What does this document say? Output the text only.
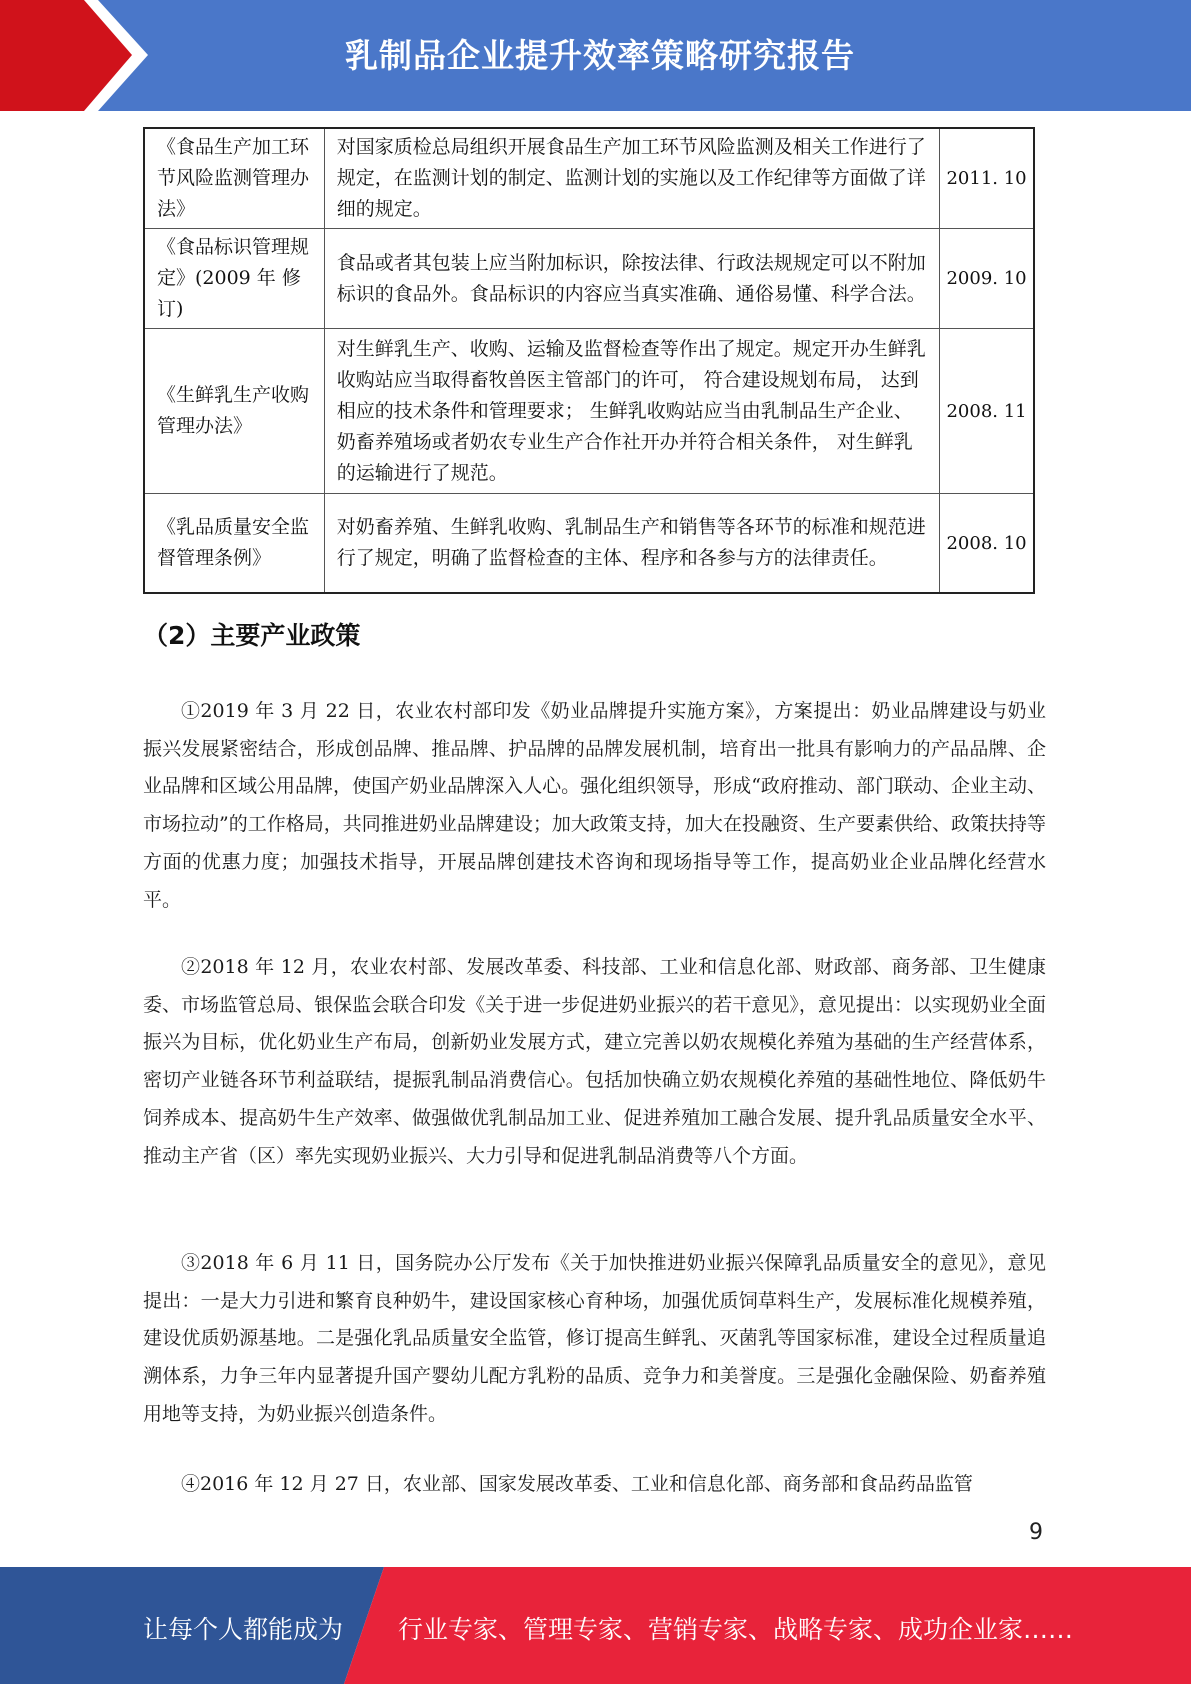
乳制品企业提升效率策略研究报告
《食品生产加工环节风险监测管理办法》	对国家质检总局组织开展食品生产加工环节风险监测及相关工作进行了规定，在监测计划的制定、监测计划的实施以及工作纪律等方面做了详细的规定。	2011. 10
《食品标识管理规定》(2009 年 修订)	食品或者其包装上应当附加标识，除按法律、行政法规规定可以不附加标识的食品外。食品标识的内容应当真实准确、通俗易懂、科学合法。	2009. 10
《生鲜乳生产收购管理办法》	对生鲜乳生产、收购、运输及监督检查等作出了规定。规定开办生鲜乳收购站应当取得畜牧兽医主管部门的许可， 符合建设规划布局， 达到相应的技术条件和管理要求； 生鲜乳收购站应当由乳制品生产企业、奶畜养殖场或者奶农专业生产合作社开办并符合相关条件， 对生鲜乳的运输进行了规范。	2008. 11
《乳品质量安全监督管理条例》	对奶畜养殖、生鲜乳收购、乳制品生产和销售等各环节的标准和规范进行了规定，明确了监督检查的主体、程序和各参与方的法律责任。	2008. 10
（2）主要产业政策

①2019 年 3 月 22 日，农业农村部印发《奶业品牌提升实施方案》，方案提出：奶业品牌建设与奶业振兴发展紧密结合，形成创品牌、推品牌、护品牌的品牌发展机制，培育出一批具有影响力的产品品牌、企业品牌和区域公用品牌，使国产奶业品牌深入人心。强化组织领导，形成“政府推动、部门联动、企业主动、市场拉动”的工作格局，共同推进奶业品牌建设；加大政策支持，加大在投融资、生产要素供给、政策扶持等方面的优惠力度；加强技术指导，开展品牌创建技术咨询和现场指导等工作，提高奶业企业品牌化经营水平。

②2018 年 12 月，农业农村部、发展改革委、科技部、工业和信息化部、财政部、商务部、卫生健康委、市场监管总局、银保监会联合印发《关于进一步促进奶业振兴的若干意见》，意见提出：以实现奶业全面振兴为目标，优化奶业生产布局，创新奶业发展方式，建立完善以奶农规模化养殖为基础的生产经营体系，密切产业链各环节利益联结，提振乳制品消费信心。包括加快确立奶农规模化养殖的基础性地位、降低奶牛饲养成本、提高奶牛生产效率、做强做优乳制品加工业、促进养殖加工融合发展、提升乳品质量安全水平、推动主产省（区）率先实现奶业振兴、大力引导和促进乳制品消费等八个方面。

③2018 年 6 月 11 日，国务院办公厅发布《关于加快推进奶业振兴保障乳品质量安全的意见》，意见提出：一是大力引进和繁育良种奶牛，建设国家核心育种场，加强优质饲草料生产，发展标准化规模养殖，建设优质奶源基地。二是强化乳品质量安全监管，修订提高生鲜乳、灭菌乳等国家标准，建设全过程质量追溯体系，力争三年内显著提升国产婴幼儿配方乳粉的品质、竞争力和美誉度。三是强化金融保险、奶畜养殖用地等支持，为奶业振兴创造条件。

④2016 年 12 月 27 日，农业部、国家发展改革委、工业和信息化部、商务部和食品药品监管

9
让每个人都能成为 行业专家、管理专家、营销专家、战略专家、成功企业家……
